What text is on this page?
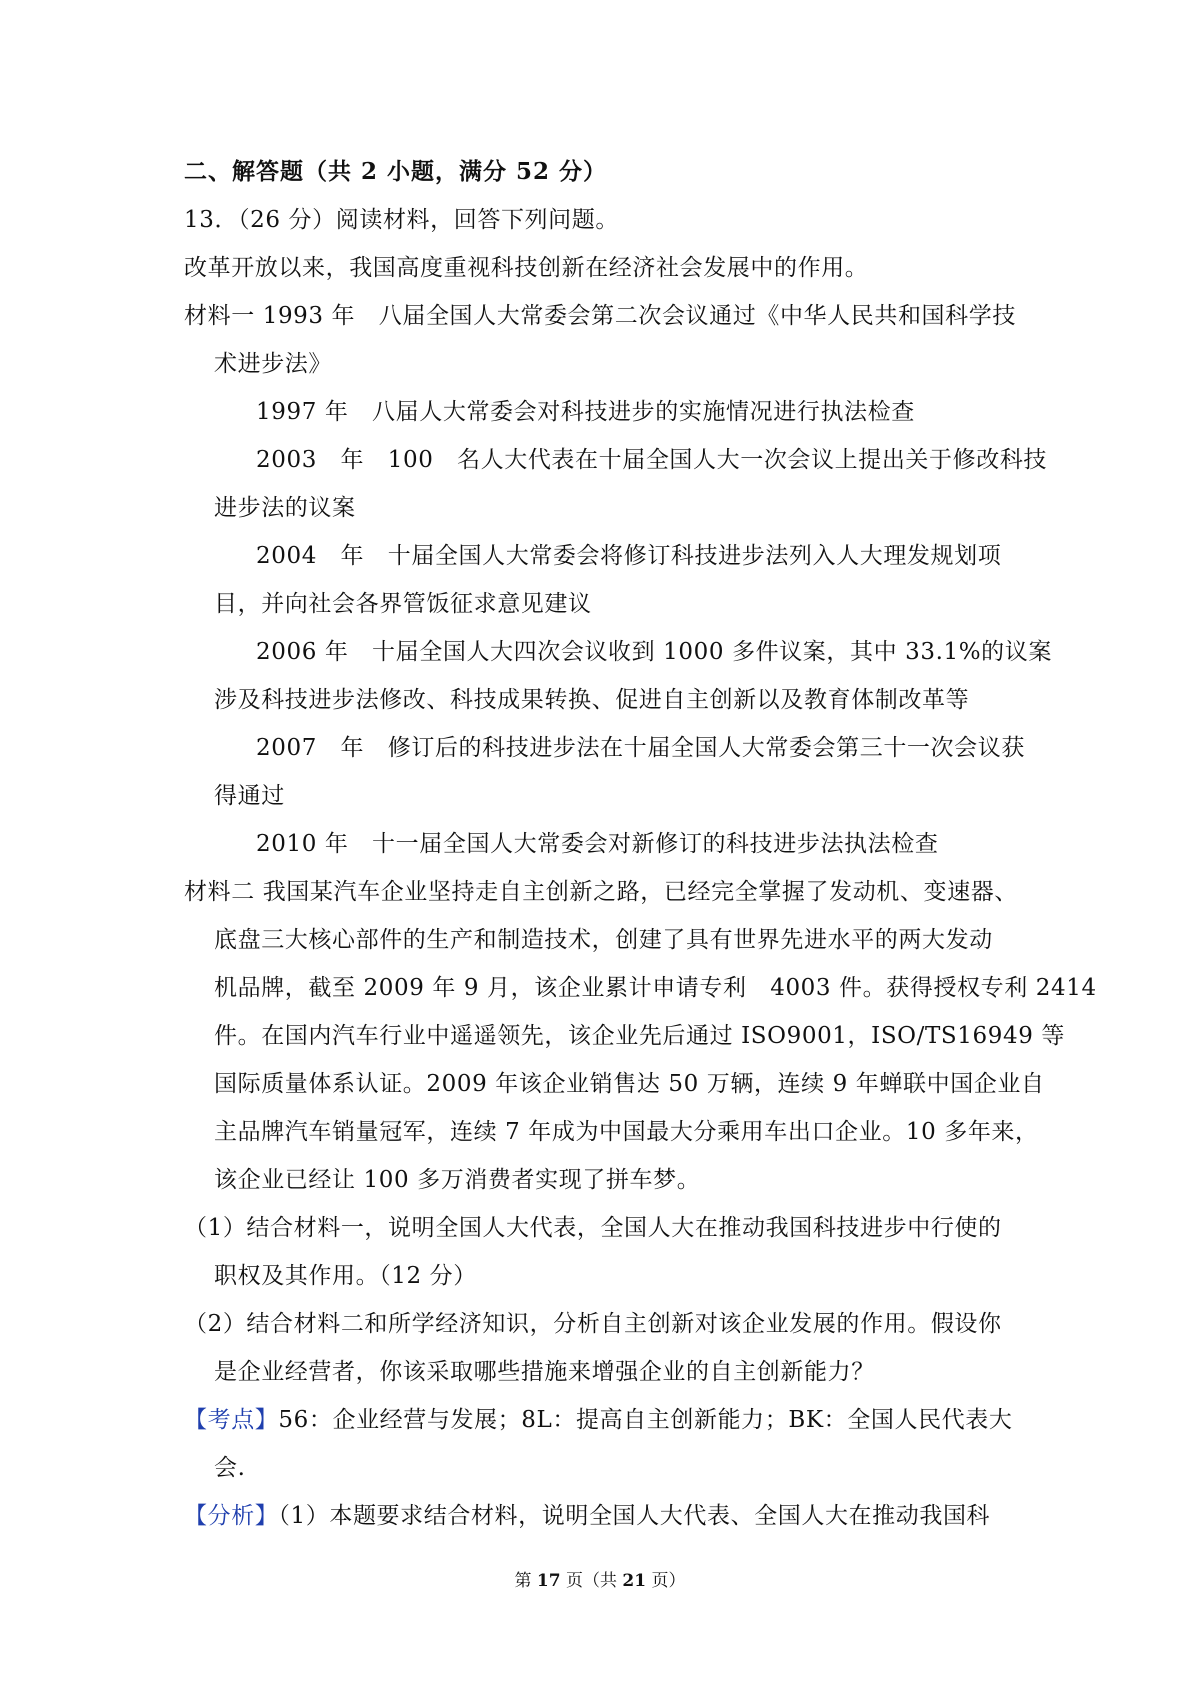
二、解答题（共 2 小题，满分 52 分）
13．（26 分）阅读材料，回答下列问题。
改革开放以来，我国高度重视科技创新在经济社会发展中的作用。
材料一 1993 年　八届全国人大常委会第二次会议通过《中华人民共和国科学技
术进步法》
1997 年　八届人大常委会对科技进步的实施情况进行执法检查
2003　年　100　名人大代表在十届全国人大一次会议上提出关于修改科技
进步法的议案
2004　年　十届全国人大常委会将修订科技进步法列入人大理发规划项
目，并向社会各界管饭征求意见建议
2006 年　十届全国人大四次会议收到 1000 多件议案，其中 33.1%的议案
涉及科技进步法修改、科技成果转换、促进自主创新以及教育体制改革等
2007　年　修订后的科技进步法在十届全国人大常委会第三十一次会议获
得通过
2010 年　十一届全国人大常委会对新修订的科技进步法执法检查
材料二 我国某汽车企业坚持走自主创新之路，已经完全掌握了发动机、变速器、
底盘三大核心部件的生产和制造技术，创建了具有世界先进水平的两大发动
机品牌，截至 2009 年 9 月，该企业累计申请专利　4003 件。获得授权专利 2414
件。在国内汽车行业中遥遥领先，该企业先后通过 ISO9001，ISO/TS16949 等
国际质量体系认证。2009 年该企业销售达 50 万辆，连续 9 年蝉联中国企业自
主品牌汽车销量冠军，连续 7 年成为中国最大分乘用车出口企业。10 多年来，
该企业已经让 100 多万消费者实现了拼车梦。
（1）结合材料一，说明全国人大代表，全国人大在推动我国科技进步中行使的
职权及其作用。（12 分）
（2）结合材料二和所学经济知识，分析自主创新对该企业发展的作用。假设你
是企业经营者，你该采取哪些措施来增强企业的自主创新能力？
【考点】56：企业经营与发展；8L：提高自主创新能力；BK：全国人民代表大
会.
【分析】（1）本题要求结合材料，说明全国人大代表、全国人大在推动我国科
第 17 页（共 21 页）
